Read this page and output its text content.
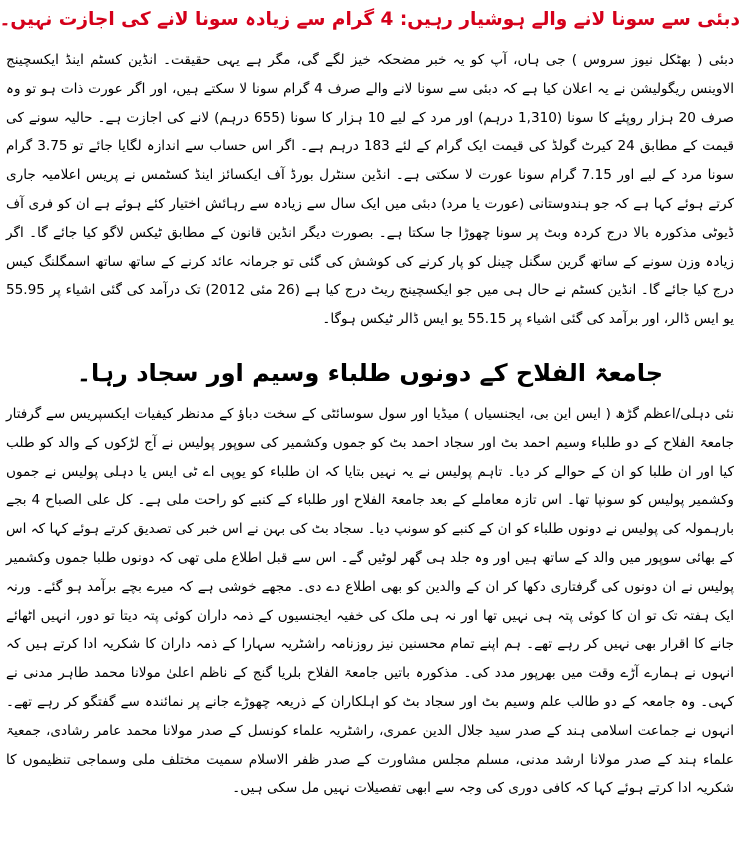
دبئی سے سونا لانے والے ہوشیار رہیں: 4 گرام سے زیادہ سونا لانے کی اجازت نہیں۔

دبئی ( بھٹکل نیوز سروس ) جی ہاں، آپ کو یہ خبر مضحکہ خیز لگے گی، مگر ہے یہی حقیقت۔ انڈین کسٹم اینڈ ایکسچینج الاوینس ریگولیشن نے یہ اعلان کیا ہے کہ دبئی سے سونا لانے والے صرف 4 گرام سونا لا سکتے ہیں، اور اگر عورت ذات ہو تو وہ صرف 20 ہزار روپئے کا سونا (1,310 درہم) اور مرد کے لیے 10 ہزار کا سونا (655 درہم) لانے کی اجازت ہے۔ حالیہ سونے کی قیمت کے مطابق 24 کیرٹ گولڈ کی قیمت ایک گرام کے لئے 183 درہم ہے۔ اگر اس حساب سے اندازہ لگایا جائے تو 3.75 گرام سونا مرد کے لیے اور 7.15 گرام سونا عورت لا سکتی ہے۔ انڈین سنٹرل بورڈ آف ایکسائز اینڈ کسٹمس نے پریس اعلامیہ جاری کرتے ہوئے کہا ہے کہ جو ہندوستانی (عورت یا مرد) دبئی میں ایک سال سے زیادہ سے رہائش اختیار کئے ہوئے ہے ان کو فری آف ڈیوٹی مذکورہ بالا درج کردہ وبٹ پر سونا چھوڑا جا سکتا ہے۔ بصورت دیگر انڈین قانون کے مطابق ٹیکس لاگو کیا جائے گا۔ اگر زیادہ وزن سونے کے ساتھ گرین سگنل چینل کو پار کرنے کی کوشش کی گئی تو جرمانہ عائد کرنے کے ساتھ ساتھ اسمگلنگ کیس درج کیا جائے گا۔ انڈین کسٹم نے حال ہی میں جو ایکسچینج ریٹ درج کیا ہے (26 مئی 2012) تک درآمد کی گئی اشیاء پر 55.95 یو ایس ڈالر، اور برآمد کی گئی اشیاء پر 55.15 یو ایس ڈالر ٹیکس ہوگا۔

جامعۃ الفلاح کے دونوں طلباء وسیم اور سجاد رہا۔

نئی دہلی/اعظم گڑھ ( ایس این بی، ایجنسیاں ) میڈیا اور سول سوسائٹی کے سخت دباؤ کے مدنظر کیفیات ایکسپریس سے گرفتار جامعۃ الفلاح کے دو طلباء وسیم احمد بٹ اور سجاد احمد بٹ کو جموں وکشمیر کی سوپور پولیس نے آج لڑکوں کے والد کو طلب کیا اور ان طلبا کو ان کے حوالے کر دیا۔ تاہم پولیس نے یہ نہیں بتایا کہ ان طلباء کو یوپی اے ٹی ایس یا دہلی پولیس نے جموں وکشمیر پولیس کو سونپا تھا۔ اس تازہ معاملے کے بعد جامعۃ الفلاح اور طلباء کے کنبے کو راحت ملی ہے۔ کل علی الصباح 4 بجے بارہمولہ کی پولیس نے دونوں طلباء کو ان کے کنبے کو سونپ دیا۔ سجاد بٹ کی بہن نے اس خبر کی تصدیق کرتے ہوئے کہا کہ اس کے بھائی سوپور میں والد کے ساتھ ہیں اور وہ جلد ہی گھر لوٹیں گے۔ اس سے قبل اطلاع ملی تھی کہ دونوں طلبا جموں وکشمیر پولیس نے ان دونوں کی گرفتاری دکھا کر ان کے والدین کو بھی اطلاع دے دی۔ مجھے خوشی ہے کہ میرے بچے برآمد ہو گئے۔ ورنہ ایک ہفتہ تک تو ان کا کوئی پتہ ہی نہیں تھا اور نہ ہی ملک کی خفیہ ایجنسیوں کے ذمہ داران کوئی پتہ دیتا تو دور، انہیں اٹھائے جانے کا اقرار بھی نہیں کر رہے تھے۔ ہم اپنے تمام محسنین نیز روزنامہ راشٹریہ سہارا کے ذمہ داران کا شکریہ ادا کرتے ہیں کہ انہوں نے ہمارے آڑے وقت میں بھرپور مدد کی۔ مذکورہ باتیں جامعۃ الفلاح بلریا گنج کے ناظم اعلیٰ مولانا محمد طاہر مدنی نے کہی۔ وہ جامعہ کے دو طالب علم وسیم بٹ اور سجاد بٹ کو اہلکاران کے ذریعہ چھوڑے جانے پر نمائندہ سے گفتگو کر رہے تھے۔ انہوں نے جماعت اسلامی ہند کے صدر سید جلال الدین عمری، راشٹریہ علماء کونسل کے صدر مولانا محمد عامر رشادی، جمعیۃ علماء ہند کے صدر مولانا ارشد مدنی، مسلم مجلس مشاورت کے صدر ظفر الاسلام سمیت مختلف ملی وسماجی تنظیموں کا شکریہ ادا کرتے ہوئے کہا کہ کافی دوری کی وجہ سے ابھی تفصیلات نہیں مل سکی ہیں۔
